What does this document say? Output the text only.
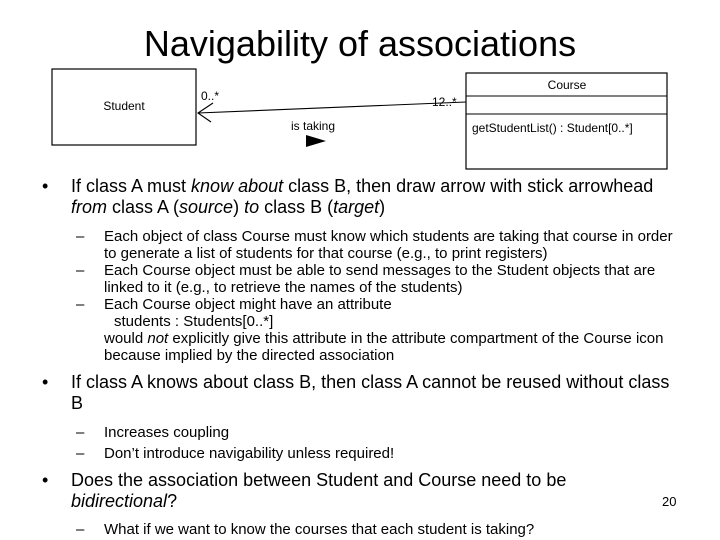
Navigability of associations
Student
Course
getStudentList() : Student[0..*]
0..*	12..*
is taking
• If class A must know about class B, then draw arrow with stick arrowhead from class A (source) to class B (target)
– Each object of class Course must know which students are taking that course in order to generate a list of students for that course (e.g., to print registers)
– Each Course object must be able to send messages to the Student objects that are linked to it (e.g., to retrieve the names of the students)
– Each Course object might have an attribute
students : Students[0..*]
would not explicitly give this attribute in the attribute compartment of the Course icon because implied by the directed association
• If class A knows about class B, then class A cannot be reused without class B
– Increases coupling
– Don’t introduce navigability unless required!
• Does the association between Student and Course need to be bidirectional?
– What if we want to know the courses that each student is taking?
20
